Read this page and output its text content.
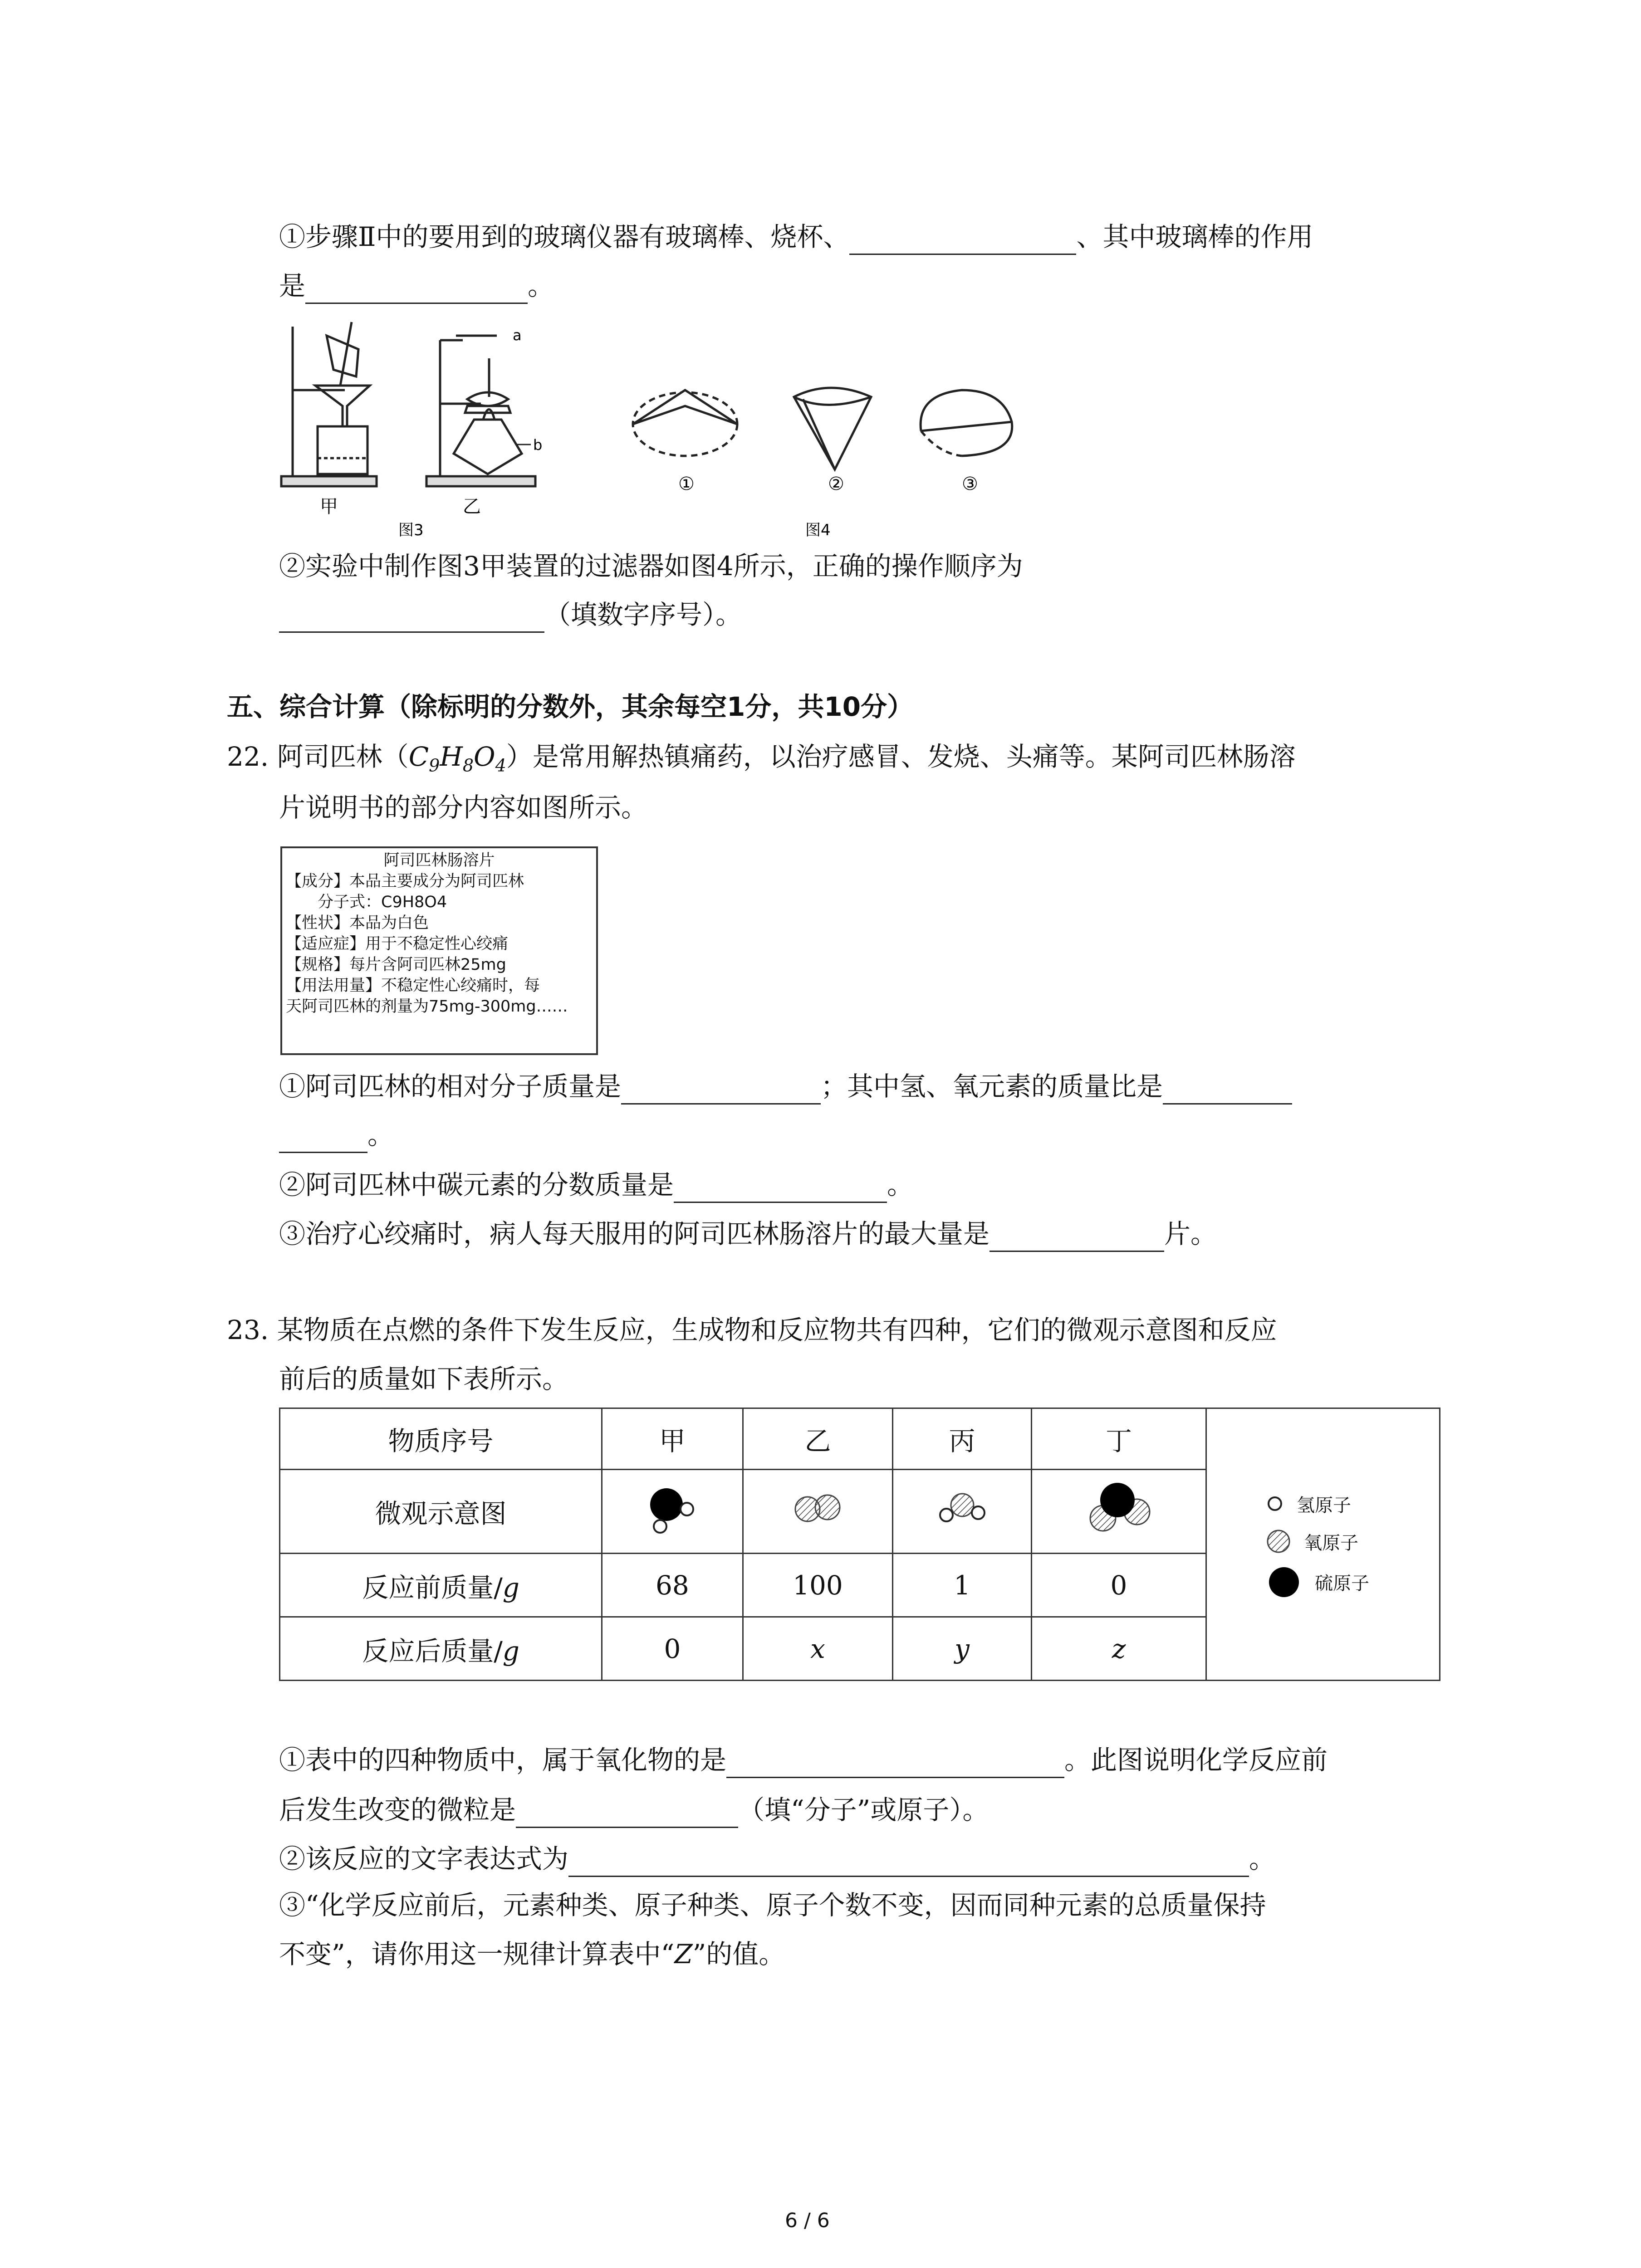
①步骤Ⅱ中的要用到的玻璃仪器有玻璃棒、烧杯、	、其中玻璃棒的作用
是	。
甲
a
b
乙
图3
①	②	③
图4
②实验中制作图3甲装置的过滤器如图4所示，正确的操作顺序为
（填数字序号）。
五、综合计算（除标明的分数外，其余每空1分，共10分）
22. 阿司匹林$(C_9H_8O_4)$是常用解热镇痛药，以治疗感冒、发烧、头痛等。某阿司匹林肠溶
片说明书的部分内容如图所示。
阿司匹林肠溶片
【成分】本品主要成分为阿司匹林
分子式：C9H8O4
【性状】本品为白色
【适应症】用于不稳定性心绞痛
【规格】每片含阿司匹林25mg
【用法用量】不稳定性心绞痛时，每
天阿司匹林的剂量为75mg-300mg……
①阿司匹林的相对分子质量是	；其中氢、氧元素的质量比是
。
②阿司匹林中碳元素的分数质量是	。
③治疗心绞痛时，病人每天服用的阿司匹林肠溶片的最大量是	片。
23. 某物质在点燃的条件下发生反应，生成物和反应物共有四种，它们的微观示意图和反应
前后的质量如下表所示。
物质序号	甲	乙	丙	丁	氢原子
氧原子
硫原子

微观示意图				
反应前质量/g	68	100	1	0	
反应后质量/g	0	x	y	z	
①表中的四种物质中，属于氧化物的是	。此图说明化学反应前
后发生改变的微粒是	（填“分子”或原子）。
②该反应的文字表达式为	。
③“化学反应前后，元素种类、原子种类、原子个数不变，因而同种元素的总质量保持
不变”，请你用这一规律计算表中“Z”的值。
6 / 6
